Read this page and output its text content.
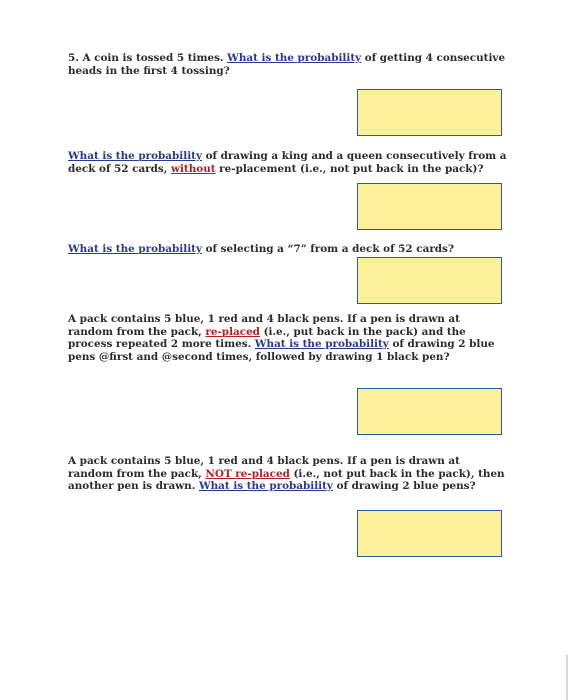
5. A coin is tossed 5 times. What is the probability of getting 4 consecutive heads in the first 4 tossing?
What is the probability of drawing a king and a queen consecutively from a deck of 52 cards, without re-placement (i.e., not put back in the pack)?
What is the probability of selecting a “7” from a deck of 52 cards?
A pack contains 5 blue, 1 red and 4 black pens. If a pen is drawn at random from the pack, re-placed (i.e., put back in the pack) and the process repeated 2 more times. What is the probability of drawing 2 blue pens @first and @second times, followed by drawing 1 black pen?
A pack contains 5 blue, 1 red and 4 black pens. If a pen is drawn at random from the pack, NOT re-placed (i.e., not put back in the pack), then another pen is drawn. What is the probability of drawing 2 blue pens?
